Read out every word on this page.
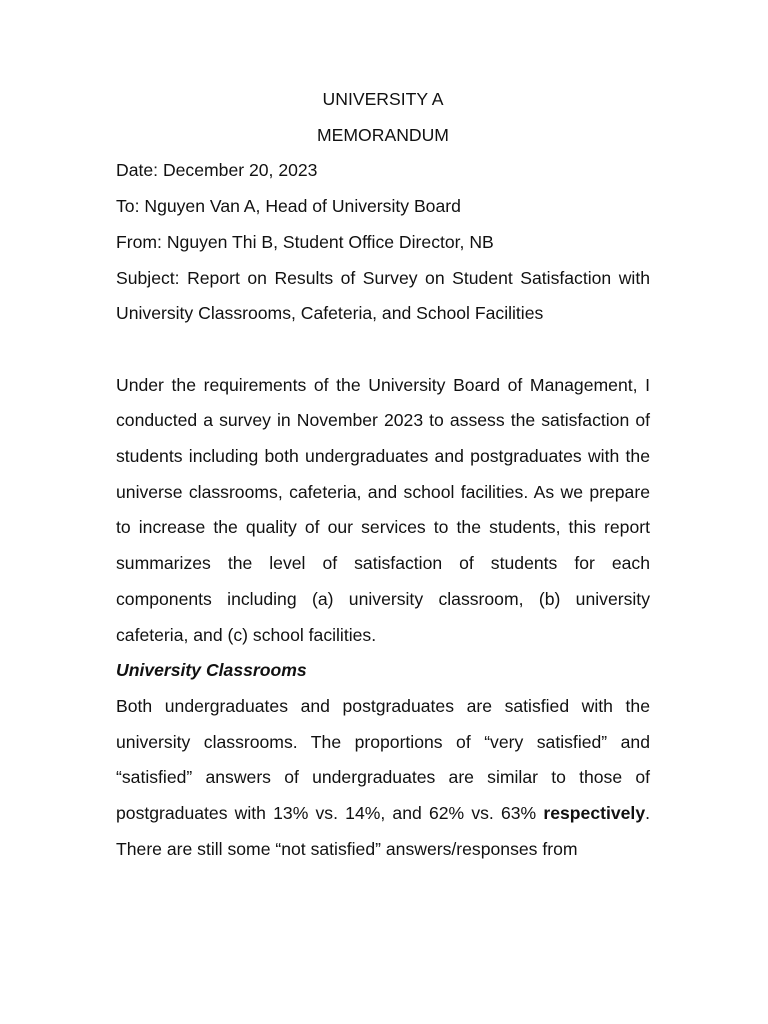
UNIVERSITY A

MEMORANDUM

Date: December 20, 2023

To: Nguyen Van A, Head of University Board

From: Nguyen Thi B, Student Office Director, NB

Subject: Report on Results of Survey on Student Satisfaction with University Classrooms, Cafeteria, and School Facilities

Under the requirements of the University Board of Management, I conducted a survey in November 2023 to assess the satisfaction of students including both undergraduates and postgraduates with the universe classrooms, cafeteria, and school facilities. As we prepare to increase the quality of our services to the students, this report summarizes the level of satisfaction of students for each components including (a) university classroom, (b) university cafeteria, and (c) school facilities.

University Classrooms

Both undergraduates and postgraduates are satisfied with the university classrooms. The proportions of “very satisfied” and “satisfied” answers of undergraduates are similar to those of postgraduates with 13% vs. 14%, and 62% vs. 63% respectively. There are still some “not satisfied” answers/responses from
